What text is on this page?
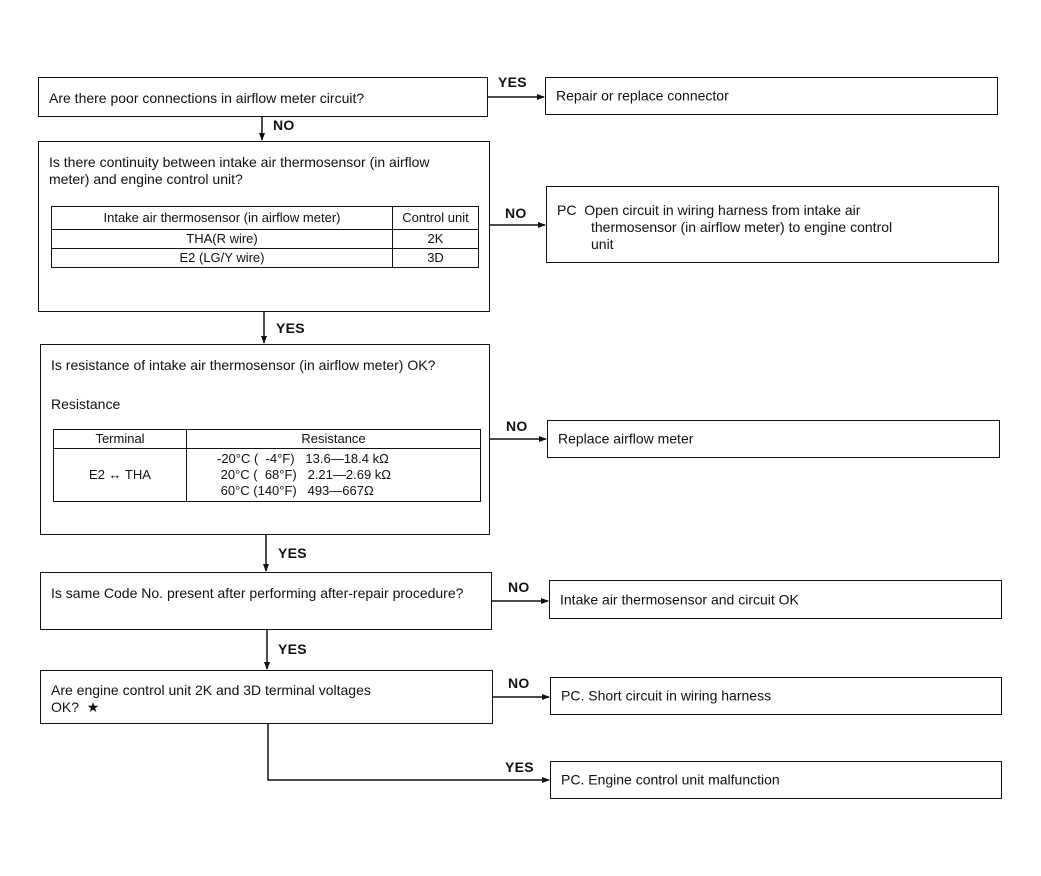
Are there poor connections in airflow meter circuit?
YES
Repair or replace connector
NO
Is there continuity between intake air thermosensor (in airflow meter) and engine control unit?
Intake air thermosensor (in airflow meter)	Control unit
THA(R wire)	2K
E2 (LG/Y wire)	3D
NO PC Open circuit in wiring harness from intake air
thermosensor (in airflow meter) to engine control
unit
YES
Is resistance of intake air thermosensor (in airflow meter) OK?
Resistance
Terminal	Resistance
E2 ↔ THA	-20°C (  -4°F)   13.6—18.4 kΩ
20°C (  68°F)   2.21—2.69 kΩ
60°C (140°F)   493—667Ω
NO
Replace airflow meter
YES
Is same Code No. present after performing after-repair procedure?	NO
Intake air thermosensor and circuit OK
YES
Are engine control unit 2K and 3D terminal voltages
OK? ★
NO
PC. Short circuit in wiring harness
YES
PC. Engine control unit malfunction
